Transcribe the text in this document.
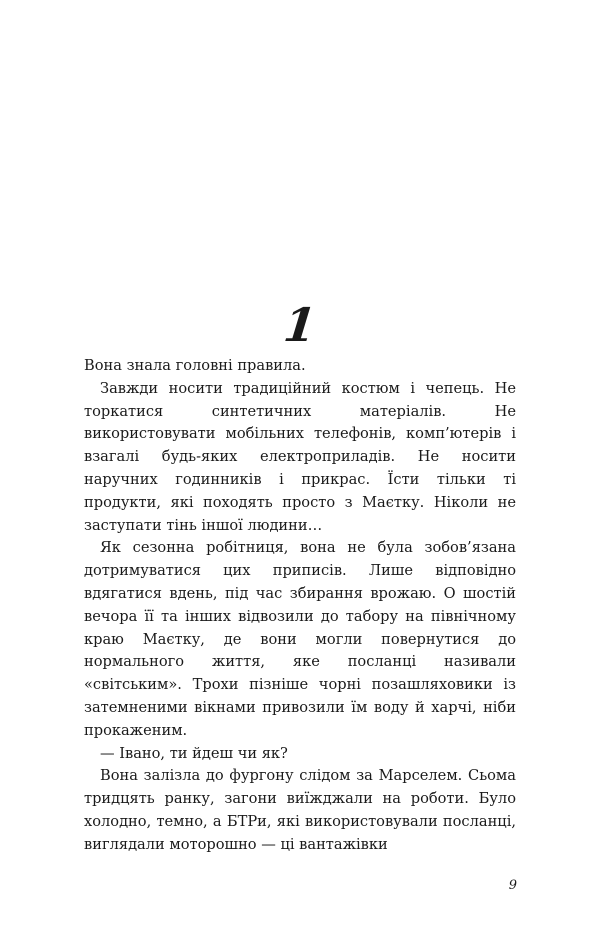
1

Вона знала головні правила.

Завжди носити традиційний костюм і чепець. Не торкатися синтетичних матеріалів. Не використовувати мобільних телефонів, комп’ютерів і взагалі будь-яких електроприладів. Не носити наручних годинників і прикрас. Їсти тільки ті продукти, які походять просто з Маєтку. Ніколи не заступати тінь іншої людини…

Як сезонна робітниця, вона не була зобов’язана дотримуватися цих приписів. Лише відповідно вдягатися вдень, під час збирання врожаю. О шостій вечора її та інших відвозили до табору на північному краю Маєтку, де вони могли повернутися до нормального життя, яке посланці називали «світським». Трохи пізніше чорні позашляховики із затемненими вікнами привозили їм воду й харчі, ніби прокаженим.

— Івано, ти йдеш чи як?

Вона залізла до фургону слідом за Марселем. Сьома тридцять ранку, загони виїжджали на роботи. Було холодно, темно, а БТРи, які використовували посланці, виглядали моторошно — ці вантажівки

9
